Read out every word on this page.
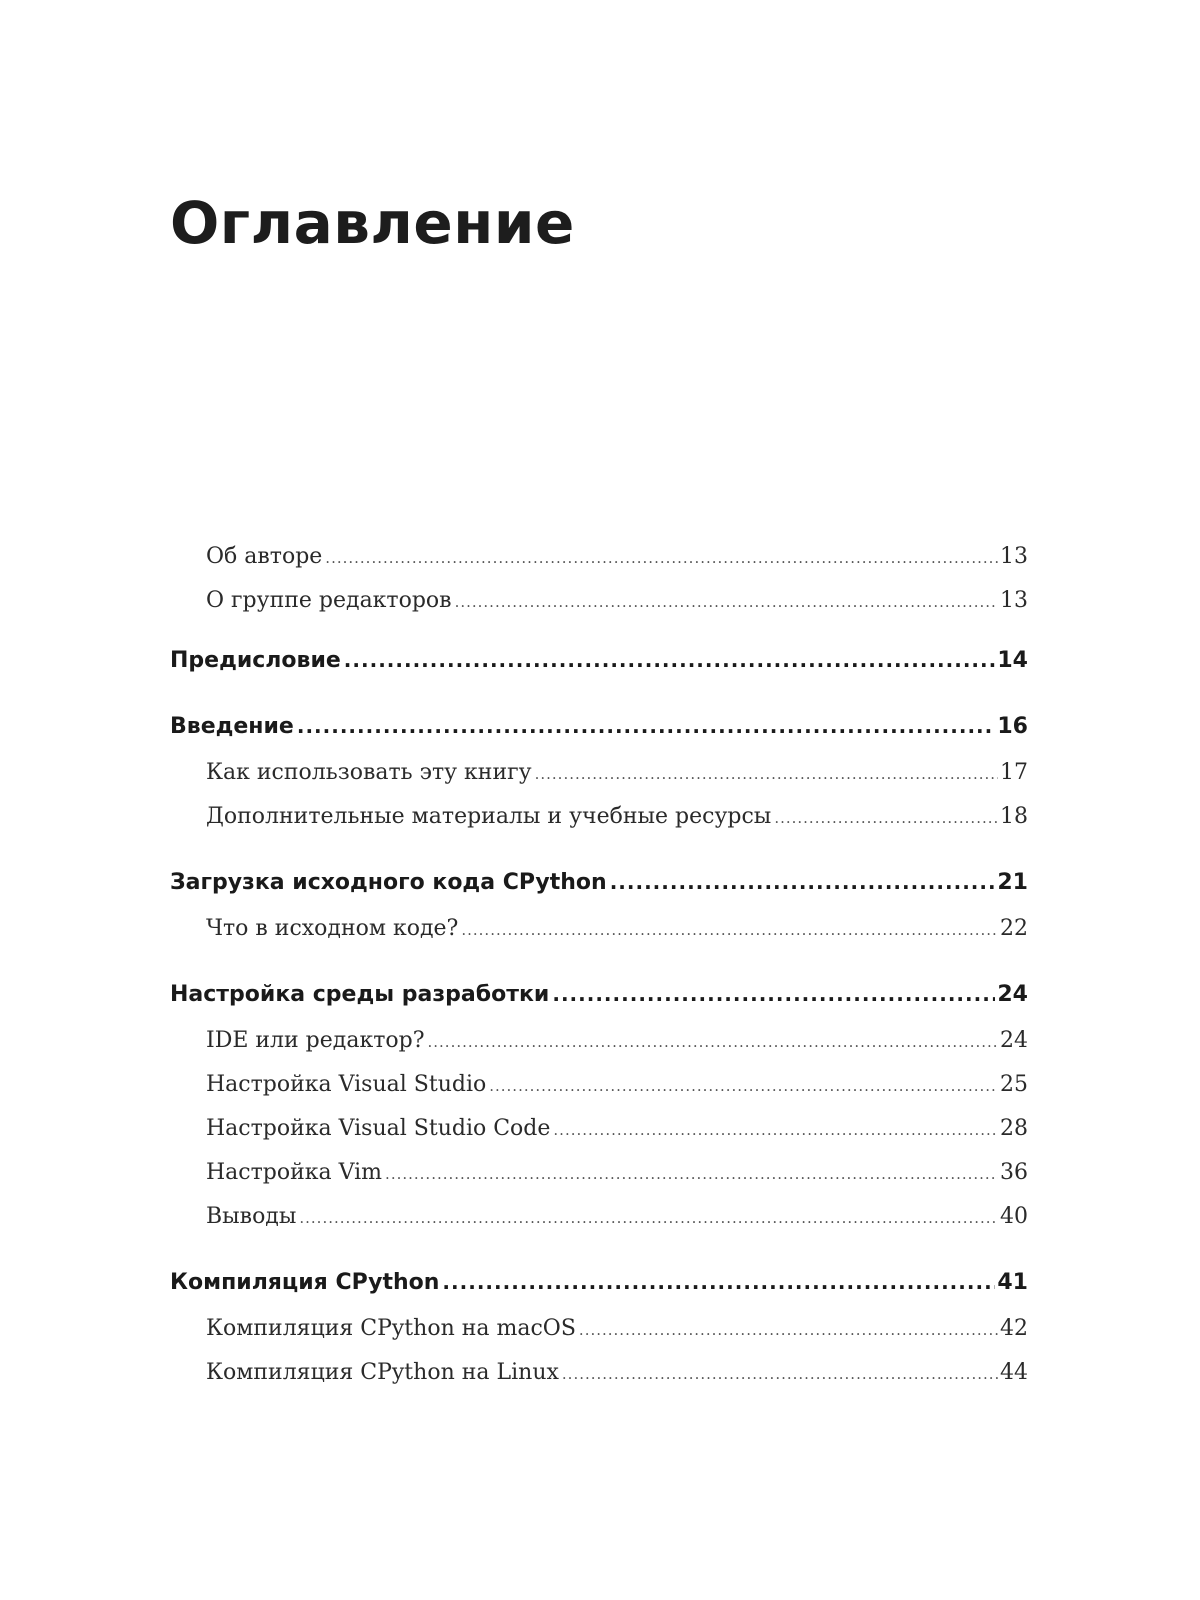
Оглавление
Об авторе .....	13
О группе редакторов .....	13
Предисловие .....	14
Введение .....	16
Как использовать эту книгу .....	17
Дополнительные материалы и учебные ресурсы .....	18
Загрузка исходного кода CPython .....	21
Что в исходном коде? .....	22
Настройка среды разработки .....	24
IDE или редактор? .....	24
Настройка Visual Studio .....	25
Настройка Visual Studio Code .....	28
Настройка Vim .....	36
Выводы .....	40
Компиляция CPython .....	41
Компиляция CPython на macOS .....	42
Компиляция CPython на Linux .....	44
